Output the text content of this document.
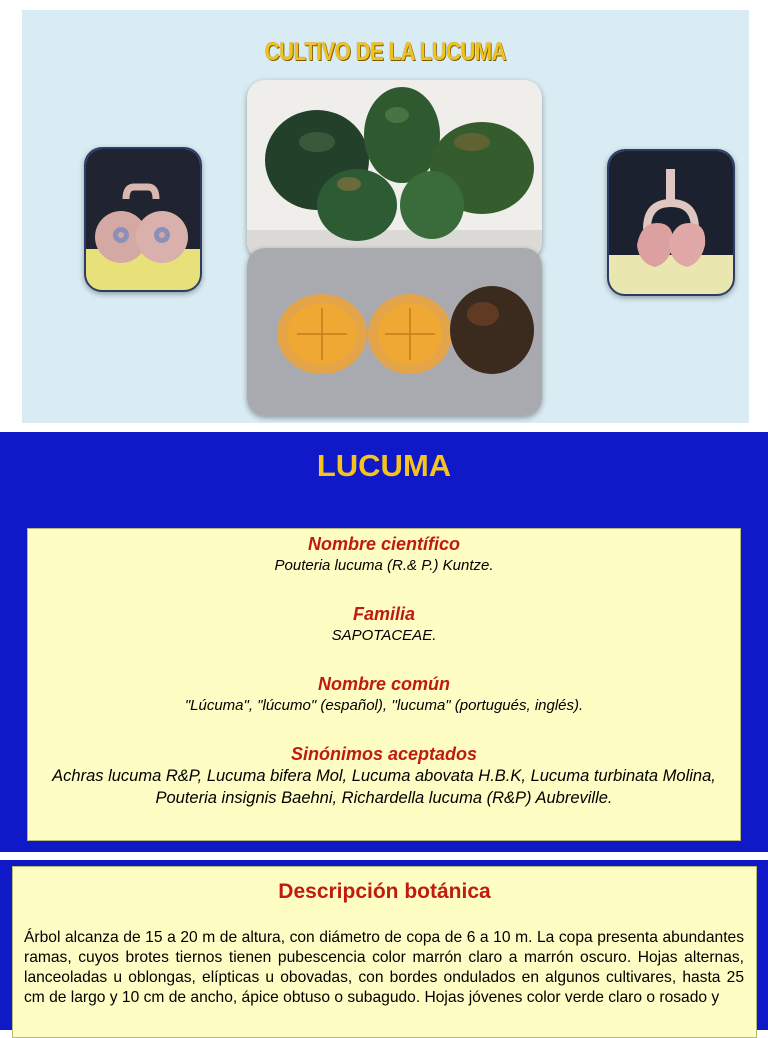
CULTIVO DE LA LUCUMA
LUCUMA
Nombre científico
Pouteria lucuma (R.& P.) Kuntze.
Familia
SAPOTACEAE.
Nombre común
"Lúcuma", "lúcumo" (español), ''lucuma" (portugués, inglés).
Sinónimos aceptados
Achras lucuma R&P, Lucuma bifera Mol, Lucuma abovata H.B.K, Lucuma turbinata Molina, Pouteria insignis Baehni, Richardella lucuma (R&P) Aubreville.
Descripción botánica
Árbol alcanza de 15 a 20 m de altura, con diámetro de copa de 6 a 10 m. La copa presenta abundantes ramas, cuyos brotes tiernos tienen pubescencia color marrón claro a marrón oscuro. Hojas alternas, lanceoladas u oblongas, elípticas u obovadas, con bordes ondulados en algunos cultivares, hasta 25 cm de largo y 10 cm de ancho, ápice obtuso o subagudo. Hojas jóvenes color verde claro o rosado y
